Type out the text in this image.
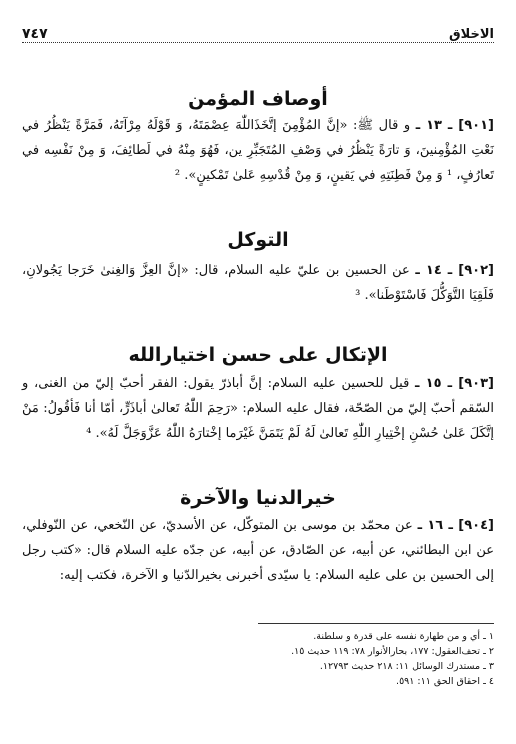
الاخلاق
٧٤٧
أوصاف المؤمن

[٩٠١] ـ ١٣ ـ و قال ﷺ: «إنَّ المُؤْمِنَ إتَّخَذَاللّٰهَ عِصْمَتَهُ، وَ قَوْلَهُ مِرْآتَهُ، فَمَرَّةً يَنْظُرُ في نَعْتِ المُؤْمِنينَ، وَ تارَةً يَنْظُرُ في وَصْفِ المُتَجَبِّرِ ين، فَهُوَ مِنْهُ في لَطائِفَ، وَ مِنْ نَفْسِه في تَعارُفٍ، ¹ وَ مِنْ فَطِنَتِهِ في يَقينٍ، وَ مِنْ قُدْسِهِ عَلىٰ تَمْكينٍ». ²

التوكل

[٩٠٢] ـ ١٤ ـ عن الحسين بن عليّ عليه السلام، قال: «إنَّ العِزَّ وَالغِنىٰ خَرَجا يَجُولانِ، فَلَقِيَا التَّوَكُّلَ فَاسْتَوْطَنا». ³

الإتكال على حسن اختيارالله

[٩٠٣] ـ ١٥ ـ قيل للحسين عليه السلام: إنَّ أباذرّ يقول: الفقر أحبّ إليّ من الغنى، و السّقم أحبّ إليّ من الصّحّة، فقال عليه السلام: «رَحِمَ اللّٰهُ تَعالىٰ أباذَرٍّ، أمّا أنا فَأقُولُ: مَنْ إتَّكَلَ عَلىٰ حُسْنِ إخْتِيارِ اللّٰهِ تَعالىٰ لَهُ لَمْ يَتَمَنَّ غَيْرَما إخْتارَهُ اللّٰهُ عَزَّوَجَلَّ لَهُ». ⁴

خيرالدنيا والآخرة

[٩٠٤] ـ ١٦ ـ عن محمّد بن موسى بن المتوكّل، عن الأسديّ، عن النّخعي، عن النّوفلي، عن ابن البطائني، عن أبيه، عن الصّادق، عن أبيه، عن جدّه عليه السلام قال: «كتب رجل إلى الحسين بن على عليه السلام: يا سيّدى أخبرنى بخيرالدّنيا و الآخرة، فكتب إليه:

١ ـ أي و من طهارة نفسه على قدرة و سلطنة.
٢ ـ تحف‌العقول: ١٧٧، بحارالأنوار ٧٨: ١١٩ حديث ١٥.
٣ ـ مستدرك الوسائل ١١: ٢١٨ حديث ١٢٧٩٣.
٤ ـ احقاق الحق ١١: ٥٩١.
